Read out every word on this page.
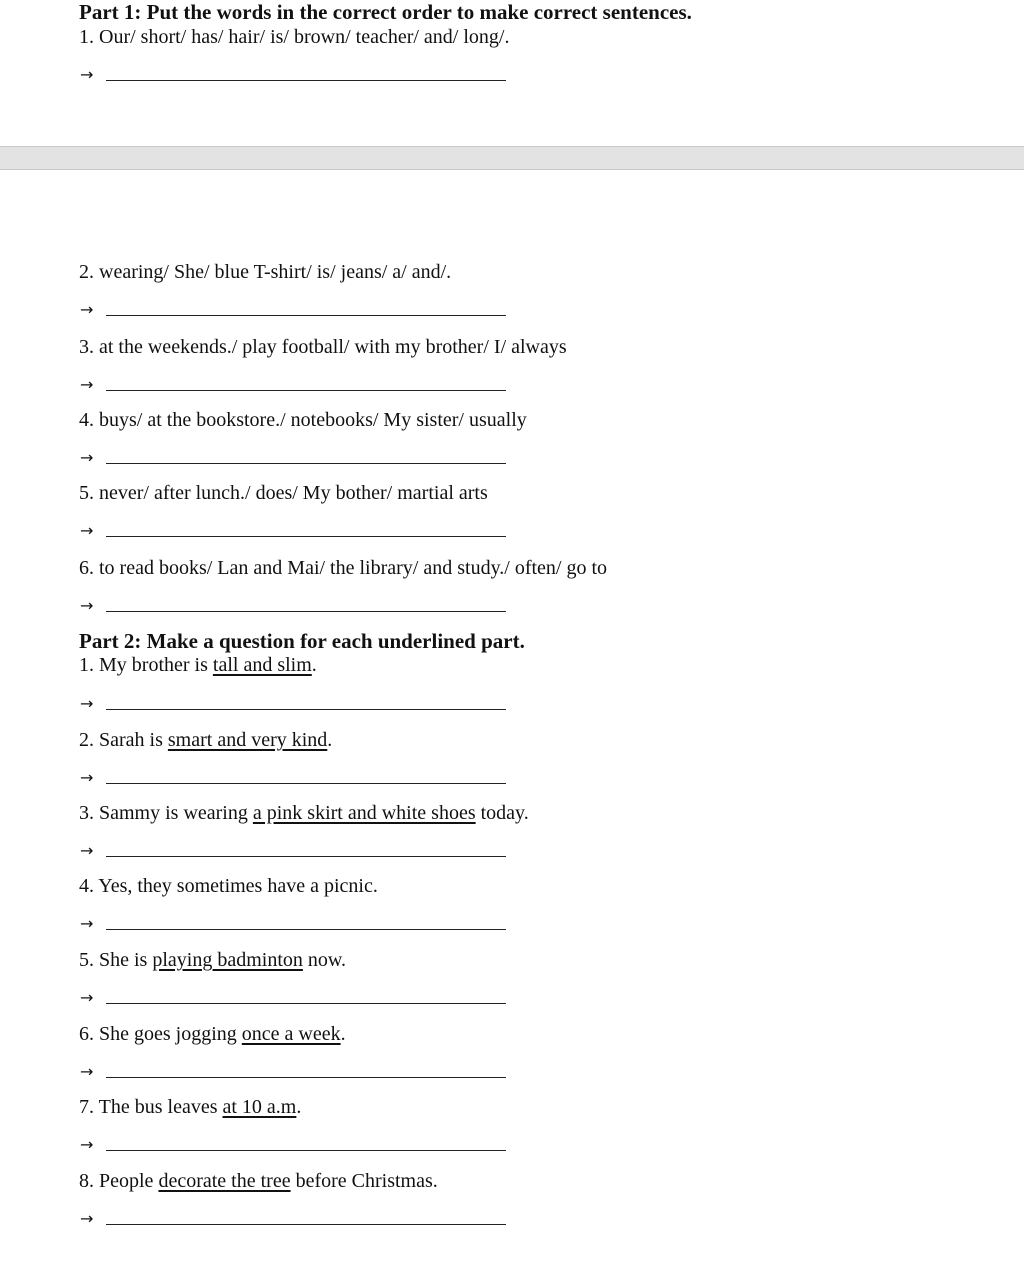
Part 1: Put the words in the correct order to make correct sentences.
1. Our/ short/ has/ hair/ is/ brown/ teacher/ and/ long/.
→
2. wearing/ She/ blue T-shirt/ is/ jeans/ a/ and/.
→
3. at the weekends./ play football/ with my brother/ I/ always
→
4. buys/ at the bookstore./ notebooks/ My sister/ usually
→
5. never/ after lunch./ does/ My bother/ martial arts
→
6. to read books/ Lan and Mai/ the library/ and study./ often/ go to
→
Part 2: Make a question for each underlined part.
1. My brother is tall and slim.
→
2. Sarah is smart and very kind.
→
3. Sammy is wearing a pink skirt and white shoes today.
→
4. Yes, they sometimes have a picnic.
→
5. She is playing badminton now.
→
6. She goes jogging once a week.
→
7. The bus leaves at 10 a.m.
→
8. People decorate the tree before Christmas.
→
